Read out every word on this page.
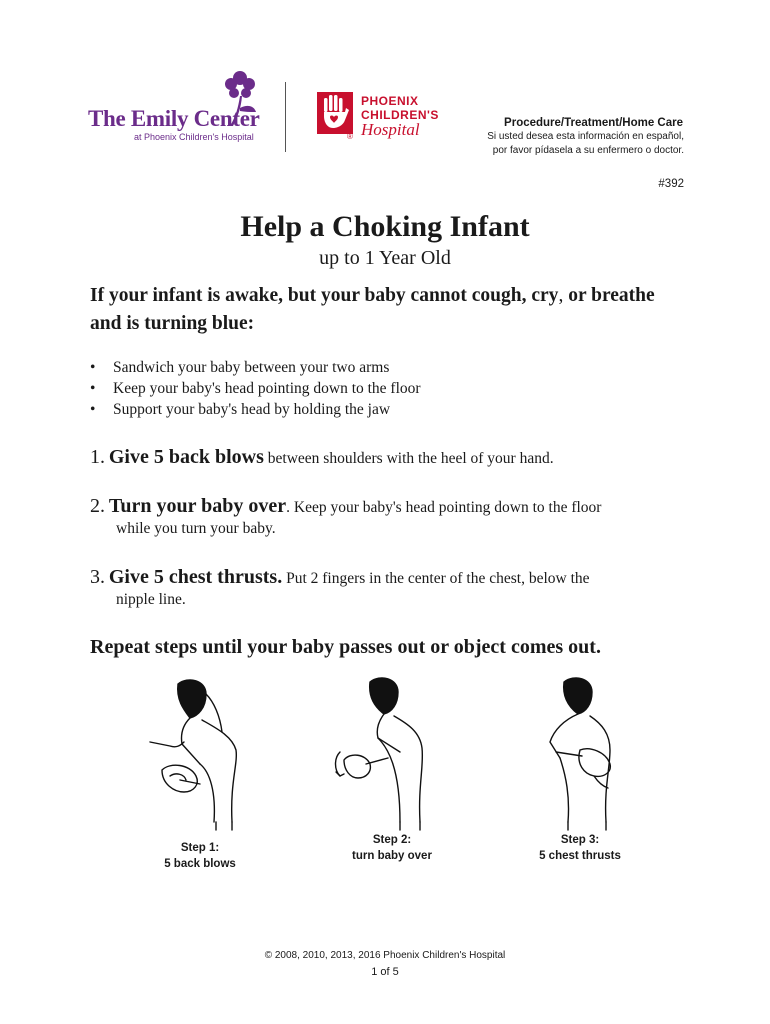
The Emily Center
at Phoenix Children's Hospital
PHOENIX
CHILDREN'S
Hospital
®
Procedure/Treatment/Home Care
Si usted desea esta información en español,
por favor pídasela a su enfermero o doctor.
#392
Help a Choking Infant
up to 1 Year Old
If your infant is awake, but your baby cannot cough, cry, or breathe and is turning blue:
• Sandwich your baby between your two arms
• Keep your baby's head pointing down to the floor
• Support your baby's head by holding the jaw
1. Give 5 back blows between shoulders with the heel of your hand.
2. Turn your baby over. Keep your baby's head pointing down to the floor
while you turn your baby.
3. Give 5 chest thrusts. Put 2 fingers in the center of the chest, below the
nipple line.
Repeat steps until your baby passes out or object comes out.
Step 1:
5 back blows
Step 2:
turn baby over
Step 3:
5 chest thrusts
© 2008, 2010, 2013, 2016 Phoenix Children's Hospital
1 of 5
